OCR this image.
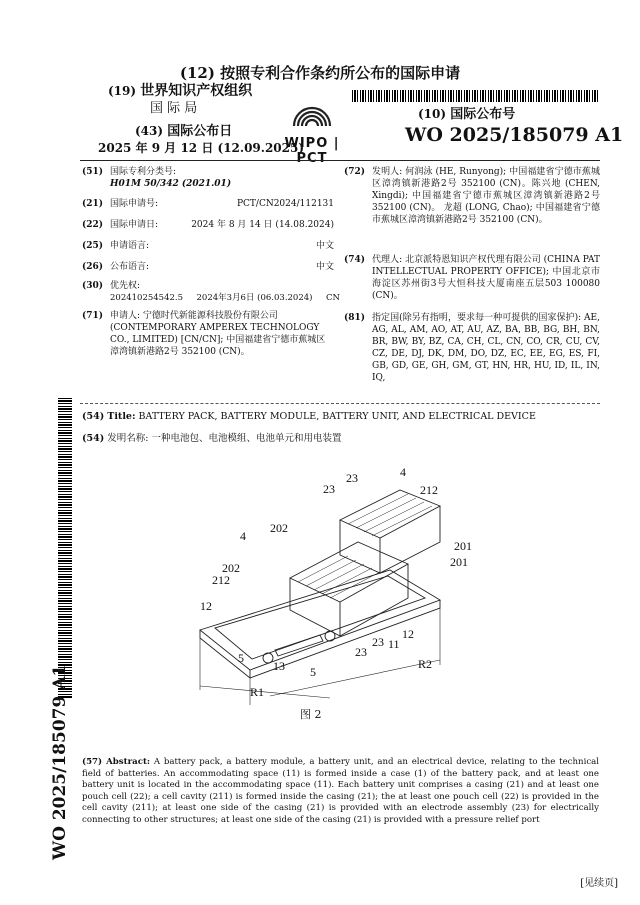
(12) 按照专利合作条约所公布的国际申请
(19) 世界知识产权组织
国 际 局
(43) 国际公布日
2025 年 9 月 12 日 (12.09.2025)
WIPO | PCT
(10) 国际公布号
WO 2025/185079 A1
(51) 国际专利分类号:
H01M 50/342 (2021.01)
(21) 国际申请号:	PCT/CN2024/112131
(22) 国际申请日:	2024 年 8 月 14 日 (14.08.2024)
(25) 申请语言:	中文
(26) 公布语言:	中文
(30) 优先权:
202410254542.5     2024年3月6日 (06.03.2024)     CN
(71) 申请人: 宁德时代新能源科技股份有限公司 (CONTEMPORARY AMPEREX TECHNOLOGY CO., LIMITED) [CN/CN]; 中国福建省宁德市蕉城区漳湾镇新港路2号 352100 (CN)。
(72) 发明人: 何润泳 (HE, Runyong); 中国福建省宁德市蕉城区漳湾镇新港路2号 352100 (CN)。陈兴地 (CHEN, Xingdi); 中国福建省宁德市蕉城区漳湾镇新港路2号 352100 (CN)。 龙超 (LONG, Chao); 中国福建省宁德市蕉城区漳湾镇新港路2号 352100 (CN)。
(74) 代理人: 北京派特恩知识产权代理有限公司 (CHINA PAT INTELLECTUAL PROPERTY OFFICE); 中国北京市海淀区苏州街3号大恒科技大厦南座五层503 100080 (CN)。
(81) 指定国(除另有指明，要求每一种可提供的国家保护): AE, AG, AL, AM, AO, AT, AU, AZ, BA, BB, BG, BH, BN, BR, BW, BY, BZ, CA, CH, CL, CN, CO, CR, CU, CV, CZ, DE, DJ, DK, DM, DO, DZ, EC, EE, EG, ES, FI, GB, GD, GE, GH, GM, GT, HN, HR, HU, ID, IL, IN, IQ,
WO 2025/185079 A1
(54) Title: BATTERY PACK, BATTERY MODULE, BATTERY UNIT, AND ELECTRICAL DEVICE
(54) 发明名称: 一种电池包、电池模组、电池单元和用电装置
23	4
23	212
4
202
201
201
202
212
12
12
23 11
23
5
13 5
R2
R1
图 2
(57) Abstract: A battery pack, a battery module, a battery unit, and an electrical device, relating to the technical field of batteries. An accommodating space (11) is formed inside a case (1) of the battery pack, and at least one battery unit is located in the accommodating space (11). Each battery unit comprises a casing (21) and at least one pouch cell (22); a cell cavity (211) is formed inside the casing (21); the at least one pouch cell (22) is provided in the cell cavity (211); at least one side of the casing (21) is provided with an electrode assembly (23) for electrically connecting to other structures; at least one side of the casing (21) is provided with a pressure relief port
[见续页]
